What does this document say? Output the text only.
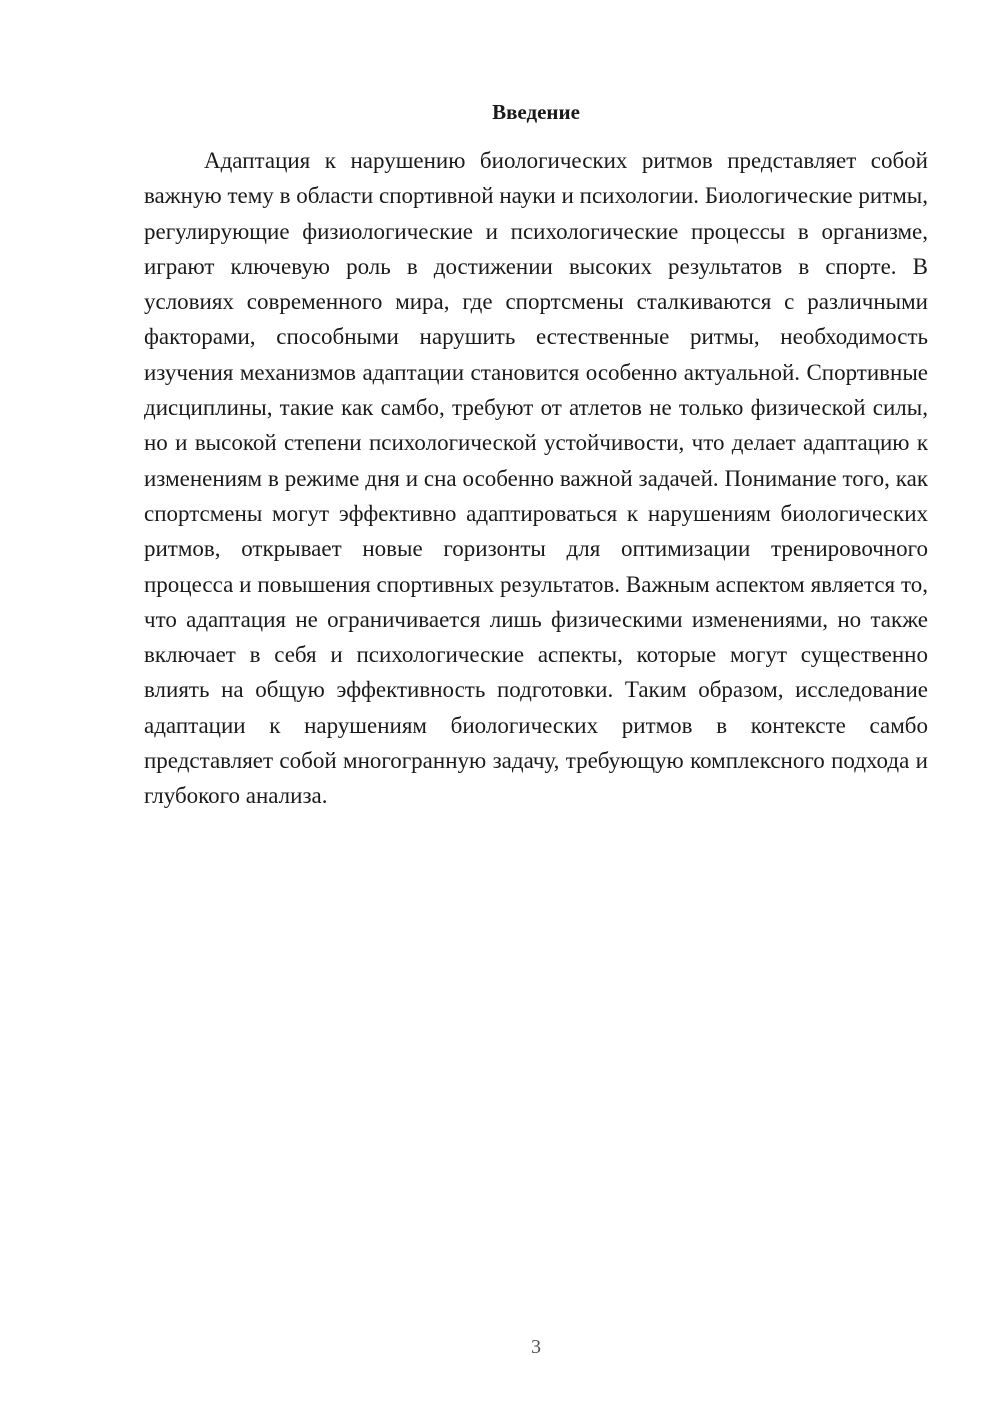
Введение

Адаптация к нарушению биологических ритмов представляет собой важную тему в области спортивной науки и психологии. Биологические ритмы, регулирующие физиологические и психологические процессы в организме, играют ключевую роль в достижении высоких результатов в спорте. В условиях современного мира, где спортсмены сталкиваются с различными факторами, способными нарушить естественные ритмы, необходимость изучения механизмов адаптации становится особенно актуальной. Спортивные дисциплины, такие как самбо, требуют от атлетов не только физической силы, но и высокой степени психологической устойчивости, что делает адаптацию к изменениям в режиме дня и сна особенно важной задачей. Понимание того, как спортсмены могут эффективно адаптироваться к нарушениям биологических ритмов, открывает новые горизонты для оптимизации тренировочного процесса и повышения спортивных результатов. Важным аспектом является то, что адаптация не ограничивается лишь физическими изменениями, но также включает в себя и психологические аспекты, которые могут существенно влиять на общую эффективность подготовки. Таким образом, исследование адаптации к нарушениям биологических ритмов в контексте самбо представляет собой многогранную задачу, требующую комплексного подхода и глубокого анализа.

3
